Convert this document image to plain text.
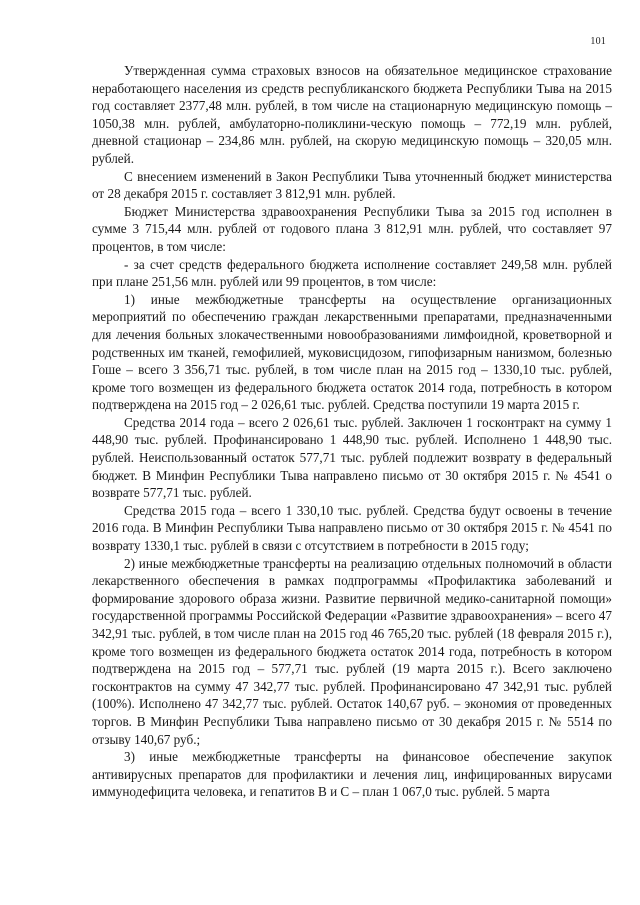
101

Утвержденная сумма страховых взносов на обязательное медицинское страхование неработающего населения из средств республиканского бюджета Республики Тыва на 2015 год составляет 2377,48 млн. рублей, в том числе на стационарную медицинскую помощь – 1050,38 млн. рублей, амбулаторно-поликлини-ческую помощь – 772,19 млн. рублей, дневной стационар – 234,86 млн. рублей, на скорую медицинскую помощь – 320,05 млн. рублей.

С внесением изменений в Закон Республики Тыва уточненный бюджет министерства от 28 декабря 2015 г. составляет 3 812,91 млн. рублей.

Бюджет Министерства здравоохранения Республики Тыва за 2015 год исполнен в сумме 3 715,44 млн. рублей от годового плана 3 812,91 млн. рублей, что составляет 97 процентов, в том числе:

- за счет средств федерального бюджета исполнение составляет 249,58 млн. рублей при плане 251,56 млн. рублей или 99 процентов, в том числе:

1) иные межбюджетные трансферты на осуществление организационных мероприятий по обеспечению граждан лекарственными препаратами, предназначенными для лечения больных злокачественными новообразованиями лимфоидной, кроветворной и родственных им тканей, гемофилией, муковисцидозом, гипофизарным нанизмом, болезнью Гоше – всего 3 356,71 тыс. рублей, в том числе план на 2015 год – 1330,10 тыс. рублей, кроме того возмещен из федерального бюджета остаток 2014 года, потребность в котором подтверждена на 2015 год – 2 026,61 тыс. рублей. Средства поступили 19 марта 2015 г.

Средства 2014 года – всего 2 026,61 тыс. рублей. Заключен 1 госконтракт на сумму 1 448,90 тыс. рублей. Профинансировано 1 448,90 тыс. рублей. Исполнено 1 448,90 тыс. рублей. Неиспользованный остаток 577,71 тыс. рублей подлежит возврату в федеральный бюджет. В Минфин Республики Тыва направлено письмо от 30 октября 2015 г. № 4541 о возврате 577,71 тыс. рублей.

Средства 2015 года – всего 1 330,10 тыс. рублей. Средства будут освоены в течение 2016 года. В Минфин Республики Тыва направлено письмо от 30 октября 2015 г. № 4541 по возврату 1330,1 тыс. рублей в связи с отсутствием в потребности в 2015 году;

2) иные межбюджетные трансферты на реализацию отдельных полномочий в области лекарственного обеспечения в рамках подпрограммы «Профилактика заболеваний и формирование здорового образа жизни. Развитие первичной медико-санитарной помощи» государственной программы Российской Федерации «Развитие здравоохранения» – всего 47 342,91 тыс. рублей, в том числе план на 2015 год 46 765,20 тыс. рублей (18 февраля 2015 г.), кроме того возмещен из федерального бюджета остаток 2014 года, потребность в котором подтверждена на 2015 год – 577,71 тыс. рублей (19 марта 2015 г.). Всего заключено госконтрактов на сумму 47 342,77 тыс. рублей. Профинансировано 47 342,91 тыс. рублей (100%). Исполнено 47 342,77 тыс. рублей. Остаток 140,67 руб. – экономия от проведенных торгов. В Минфин Республики Тыва направлено письмо от 30 декабря 2015 г. № 5514 по отзыву 140,67 руб.;

3) иные межбюджетные трансферты на финансовое обеспечение закупок антивирусных препаратов для профилактики и лечения лиц, инфицированных вирусами иммунодефицита человека, и гепатитов В и С – план 1 067,0 тыс. рублей. 5 марта
